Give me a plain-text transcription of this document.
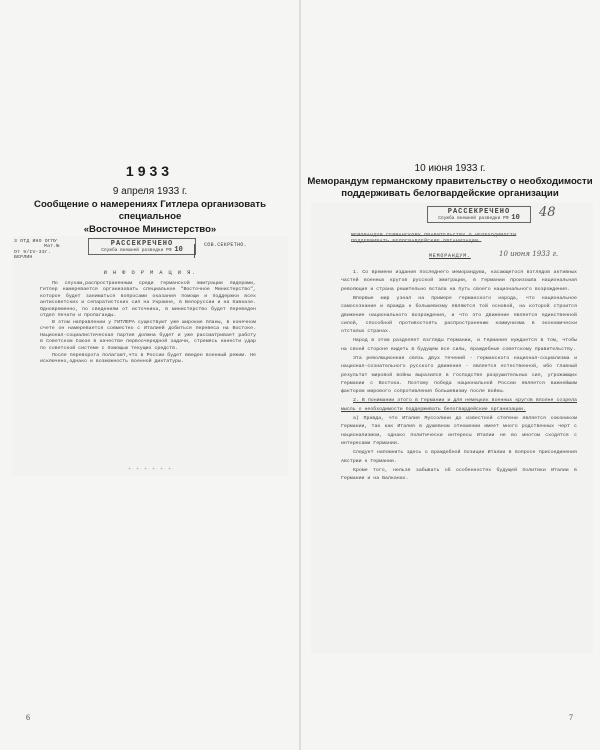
1933
9 апреля 1933 г.
Сообщение о намерениях Гитлера организовать специальное
«Восточное Министерство»
3 ОТД ИНО ОГПУ
Мат.№
От 9/IV-33г.
БЕРЛИН
РАССЕКРЕЧЕНО
Служба внешней разведки РФ 10
СОВ.СЕКРЕТНО.
И Н Ф О Р М А Ц И Я.

По слухам,распространенным среди германской эмиграции лидерами, Гитлер намеревается организовать специальное "Восточное Министерство", которое будет заниматься вопросами оказания помощи и поддержки всех антисоветских и сепаратистских сил на Украине, в Белоруссии и на Кавказе. Одновременно, по сведениям от источника, в министерство будет переведен отдел печати и пропаганды.

В этом направлении у ГИТЛЕРА существуют уже широкие планы, в конечном счете он намеревается совместно с Италией добиться перевеса на Востоке. Национал-социалистическая партия должна будет и уже рассматривает работу в Советском Союзе в качестве первоочередной задачи, стремясь нанести удар по советской системе с помощью текущих средств.

После переворота полагают,что в России будет введен военный режим. Не исключено,однако и возможность военной диктатуры.

- - - - - -
6
10 июня 1933 г.
Меморандум германскому правительству о необходимости
поддерживать белогвардейские организации
РАССЕКРЕЧЕНО
Служба внешней разведки РФ 10	48
МЕМОРАНДУМ ГЕРМАНСКОМУ ПРАВИТЕЛЬСТВУ О НЕОБХОДИМОСТИ
ПОДДЕРЖИВАТЬ БЕЛОГВАРДЕЙСКИЕ ОРГАНИЗАЦИИ.
МЕМОРАНДУМ.	10 июня 1933 г.

1. Со времени издания последнего меморандума, касающегося взглядов активных частей военных кругов русской эмиграции, в Германии произошла национальная революция и страна решительно встала на путь своего национального возрождения.

Впервые мир узнал на примере германского народа, что национальное самосознание и вражда к большевизму являются той основой, на которой строится движение национального возрождения, и что это движение является единственной силой, способной противостоять распространению коммунизма в экономически отсталых странах.

Народ в этом разделяет взгляды Германии, и Германия нуждается в том, чтобы на своей стороне видеть в будущем все силы, враждебные советскому правительству.

Эта революционная связь двух течений - германского национал-социализма и национал-сознательного русского движения - является естественной, ибо главный результат мировой войны выразился в господстве разрушительных сил, угрожающих Германии с Востока. Поэтому победа национальной России является важнейшим фактором мирового сопротивления большевизму после войны.

2. В понимании этого в Германии и для немецких военных кругов вполне созрела мысль о необходимости поддерживать белогвардейские организации.

а) Правда, что Италия Муссолини до известной степени является союзником Германии, так как Италия в душевном отношении имеет много родственных черт с национализмом, однако политически интересы Италии не во многом сходятся с интересами Германии.

Следует напомнить здесь о враждебной позиции Италии в вопросе присоединения Австрии к Германии.

Кроме того, нельзя забывать об особенностях будущей политики Италии в Германии и на Балканах.

7
